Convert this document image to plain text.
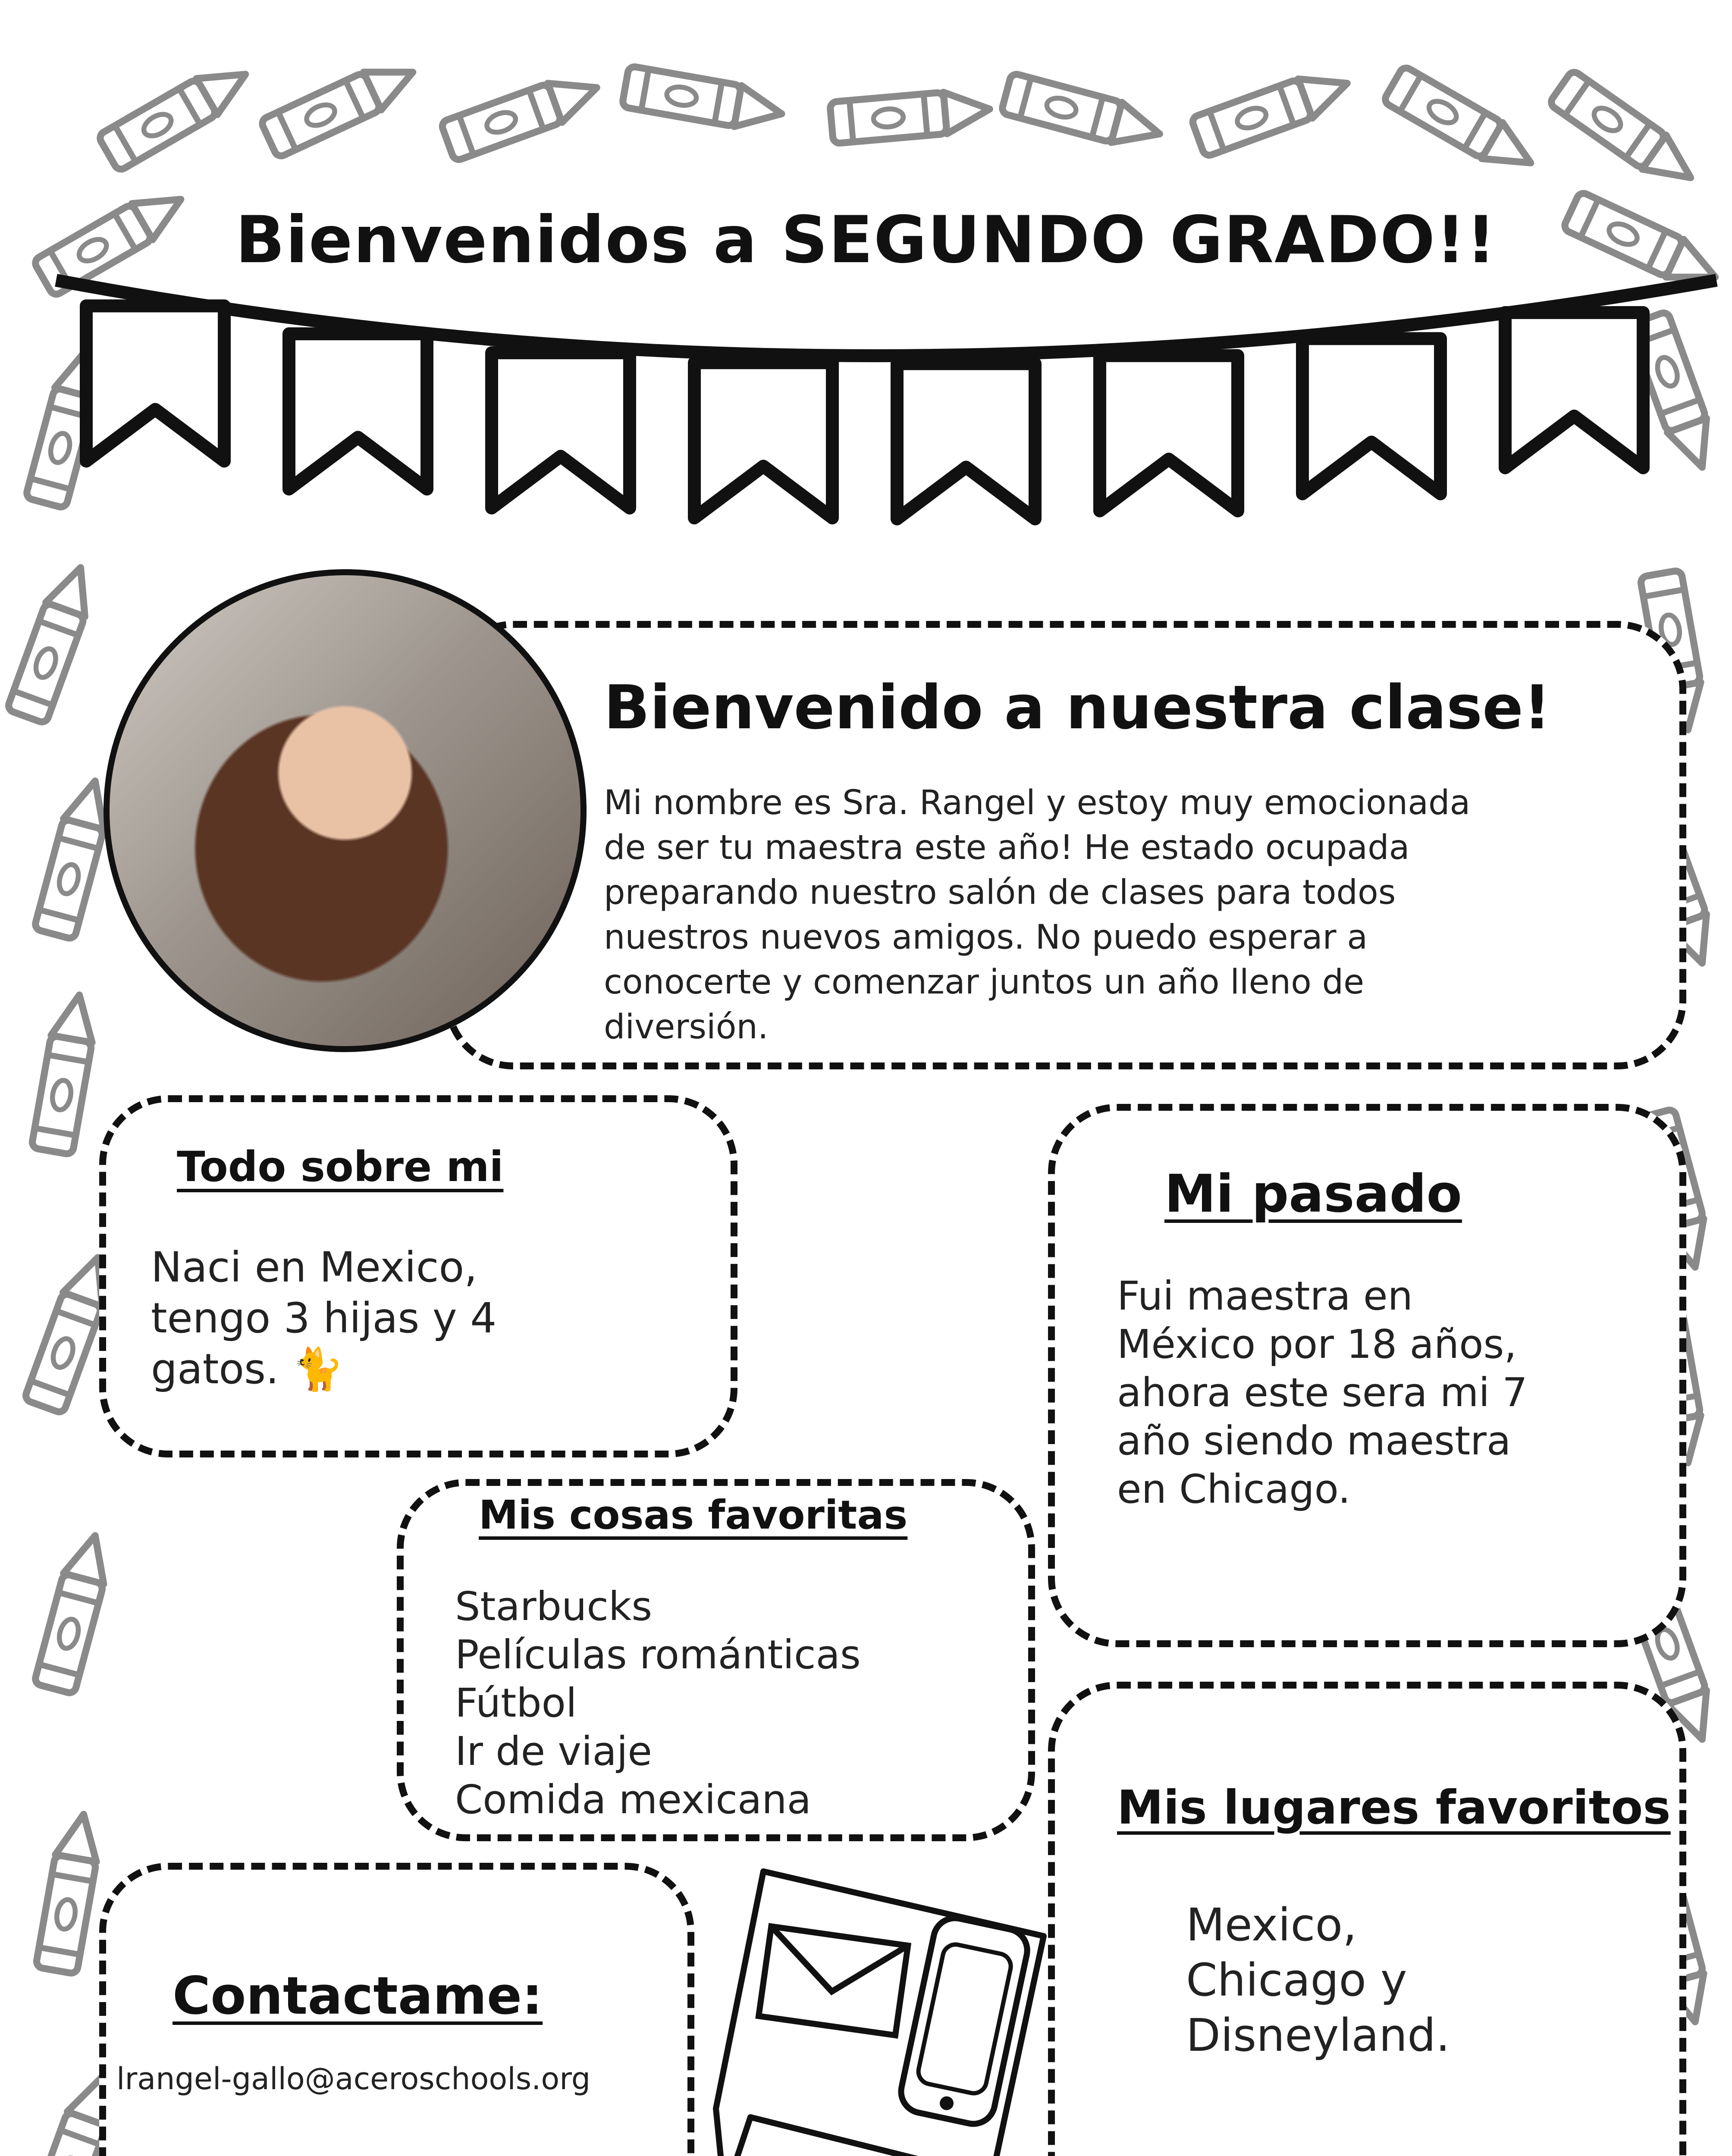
Bienvenidos a SEGUNDO GRADO!!
Bienvenido a nuestra clase!
Mi nombre es Sra. Rangel y estoy muy emocionada
de ser tu maestra este año! He estado ocupada
preparando nuestro salón de clases para todos
nuestros nuevos amigos. No puedo esperar a
conocerte y comenzar juntos un año lleno de
diversión.
Todo sobre mi
Naci en Mexico,
tengo 3 hijas y 4
gatos. 🐈
Mi pasado
Fui maestra en
México por 18 años,
ahora este sera mi 7
año siendo maestra
en Chicago.
Mis cosas favoritas
Starbucks
Películas románticas
Fútbol
Ir de viaje
Comida mexicana	Mis lugares favoritos
Mexico,
Chicago y
Disneyland.
Contactame:
lrangel-gallo@aceroschools.org
